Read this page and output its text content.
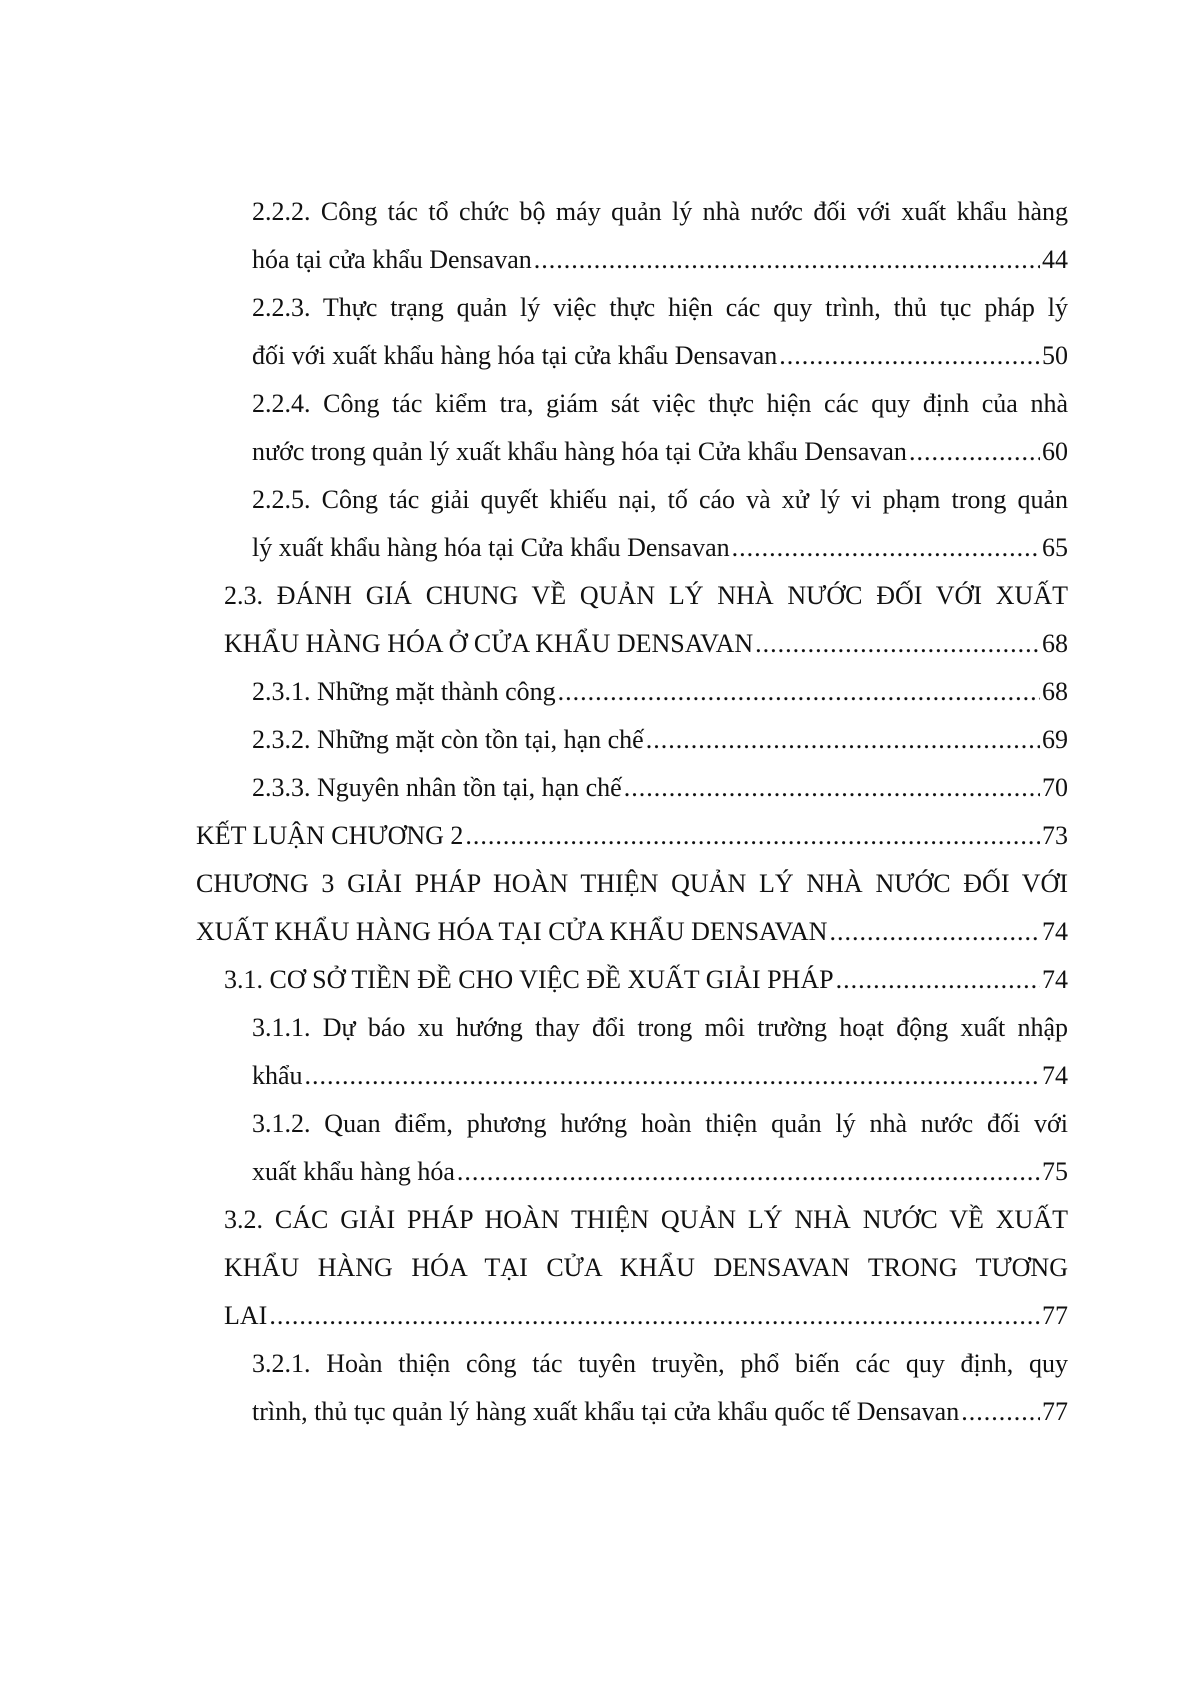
2.2.2. Công tác tổ chức bộ máy quản lý nhà nước đối với xuất khẩu hàng
hóa tại cửa khẩu Densavan .....	44
2.2.3. Thực trạng quản lý việc thực hiện các quy trình, thủ tục pháp lý
đối với xuất khẩu hàng hóa tại cửa khẩu Densavan .....	50
2.2.4. Công tác kiểm tra, giám sát việc thực hiện các quy định của nhà
nước trong quản lý xuất khẩu hàng hóa tại Cửa khẩu Densavan .....	60
2.2.5. Công tác giải quyết khiếu nại, tố cáo và xử lý vi phạm trong quản
lý xuất khẩu hàng hóa tại Cửa khẩu Densavan .....	65
2.3. ĐÁNH GIÁ CHUNG VỀ QUẢN LÝ NHÀ NƯỚC ĐỐI VỚI XUẤT
KHẨU HÀNG HÓA Ở CỬA KHẨU DENSAVAN .....	68
2.3.1. Những mặt thành công .....	68
2.3.2. Những mặt còn tồn tại, hạn chế .....	69
2.3.3. Nguyên nhân tồn tại, hạn chế .....	70
KẾT LUẬN CHƯƠNG 2 .....	73
CHƯƠNG 3 GIẢI PHÁP HOÀN THIỆN QUẢN LÝ NHÀ NƯỚC ĐỐI VỚI
XUẤT KHẨU HÀNG HÓA TẠI CỬA KHẨU DENSAVAN .....	74
3.1. CƠ SỞ TIỀN ĐỀ CHO VIỆC ĐỀ XUẤT GIẢI PHÁP .....	74
3.1.1. Dự báo xu hướng thay đổi trong môi trường hoạt động xuất nhập
khẩu .....	74
3.1.2. Quan điểm, phương hướng hoàn thiện quản lý nhà nước đối với
xuất khẩu hàng hóa .....	75
3.2. CÁC GIẢI PHÁP HOÀN THIỆN QUẢN LÝ NHÀ NƯỚC VỀ XUẤT
KHẨU HÀNG HÓA TẠI CỬA KHẨU DENSAVAN TRONG TƯƠNG
LAI .....	77
3.2.1. Hoàn thiện công tác tuyên truyền, phổ biến các quy định, quy
trình, thủ tục quản lý hàng xuất khẩu tại cửa khẩu quốc tế Densavan .....	77
